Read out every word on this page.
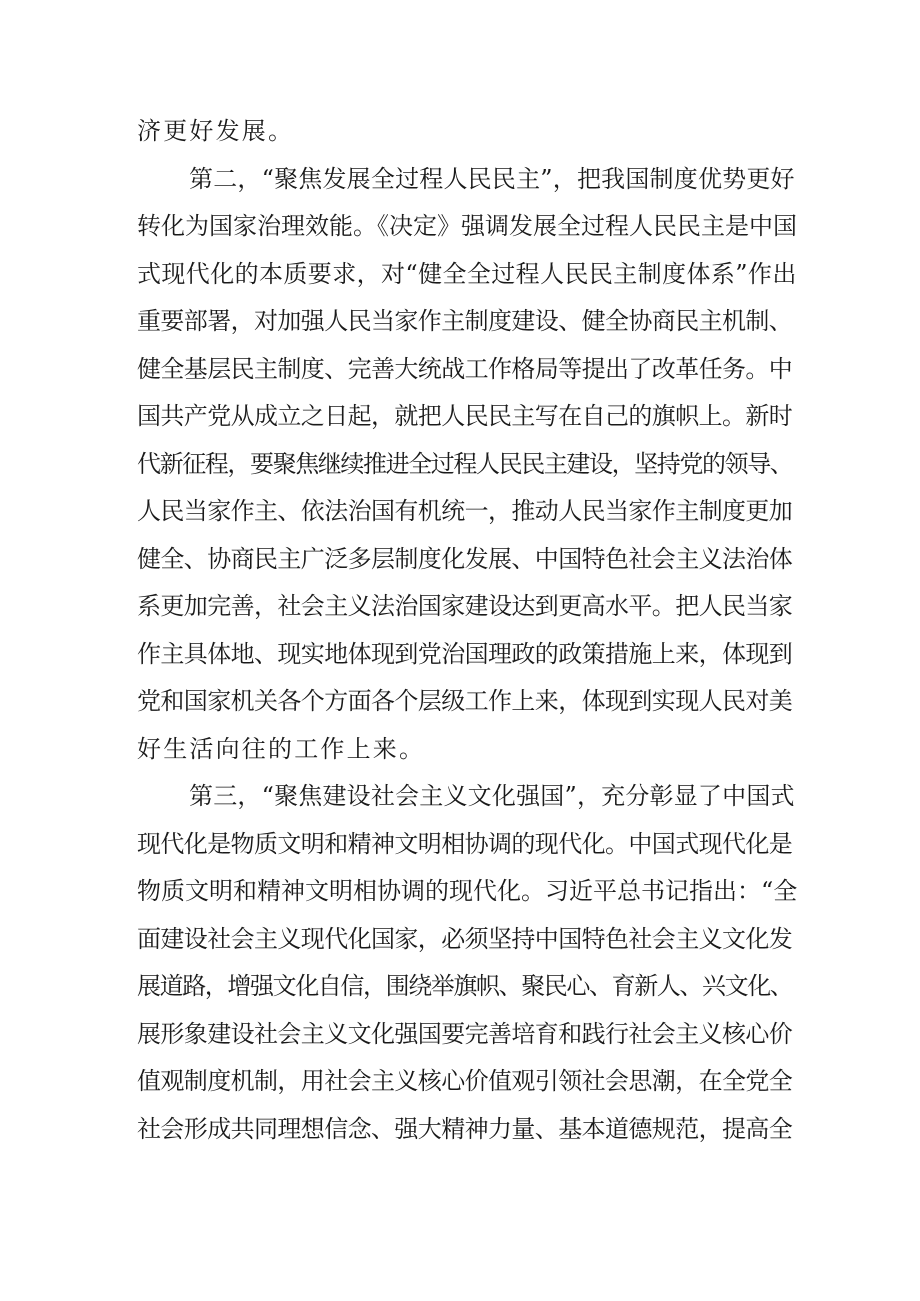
济更好发展。
第二，“聚焦发展全过程人民民主”，把我国制度优势更好
转化为国家治理效能。《决定》强调发展全过程人民民主是中国
式现代化的本质要求，对“健全全过程人民民主制度体系”作出
重要部署，对加强人民当家作主制度建设、健全协商民主机制、
健全基层民主制度、完善大统战工作格局等提出了改革任务。中
国共产党从成立之日起，就把人民民主写在自己的旗帜上。新时
代新征程，要聚焦继续推进全过程人民民主建设，坚持党的领导、
人民当家作主、依法治国有机统一，推动人民当家作主制度更加
健全、协商民主广泛多层制度化发展、中国特色社会主义法治体
系更加完善，社会主义法治国家建设达到更高水平。把人民当家
作主具体地、现实地体现到党治国理政的政策措施上来，体现到
党和国家机关各个方面各个层级工作上来，体现到实现人民对美
好生活向往的工作上来。
第三，“聚焦建设社会主义文化强国”，充分彰显了中国式
现代化是物质文明和精神文明相协调的现代化。中国式现代化是
物质文明和精神文明相协调的现代化。习近平总书记指出：“全
面建设社会主义现代化国家，必须坚持中国特色社会主义文化发
展道路，增强文化自信，围绕举旗帜、聚民心、育新人、兴文化、
展形象建设社会主义文化强国要完善培育和践行社会主义核心价
值观制度机制，用社会主义核心价值观引领社会思潮，在全党全
社会形成共同理想信念、强大精神力量、基本道德规范，提高全
